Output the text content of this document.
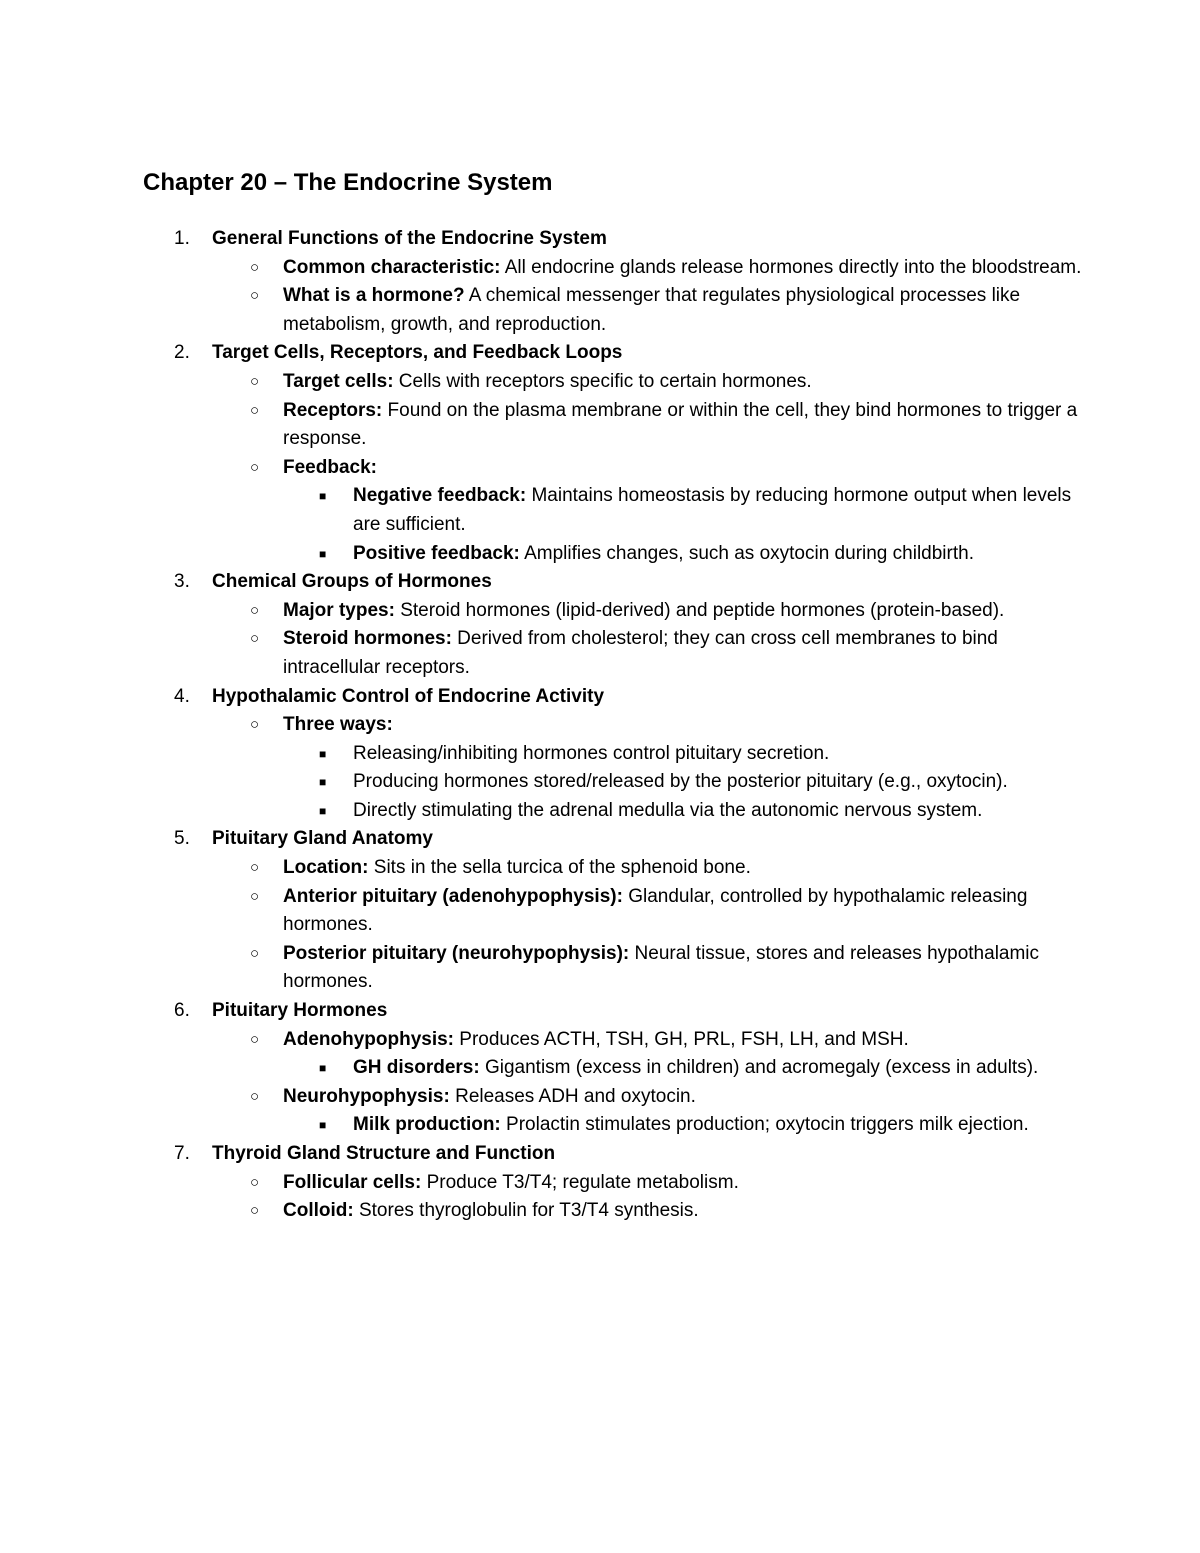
Chapter 20 – The Endocrine System
1. General Functions of the Endocrine System
○ Common characteristic: All endocrine glands release hormones directly into the bloodstream.
○ What is a hormone? A chemical messenger that regulates physiological processes like metabolism, growth, and reproduction.
2. Target Cells, Receptors, and Feedback Loops
○ Target cells: Cells with receptors specific to certain hormones.
○ Receptors: Found on the plasma membrane or within the cell, they bind hormones to trigger a response.
○ Feedback:
■ Negative feedback: Maintains homeostasis by reducing hormone output when levels are sufficient.
■ Positive feedback: Amplifies changes, such as oxytocin during childbirth.
3. Chemical Groups of Hormones
○ Major types: Steroid hormones (lipid-derived) and peptide hormones (protein-based).
○ Steroid hormones: Derived from cholesterol; they can cross cell membranes to bind intracellular receptors.
4. Hypothalamic Control of Endocrine Activity
○ Three ways:
■ Releasing/inhibiting hormones control pituitary secretion.
■ Producing hormones stored/released by the posterior pituitary (e.g., oxytocin).
■ Directly stimulating the adrenal medulla via the autonomic nervous system.
5. Pituitary Gland Anatomy
○ Location: Sits in the sella turcica of the sphenoid bone.
○ Anterior pituitary (adenohypophysis): Glandular, controlled by hypothalamic releasing hormones.
○ Posterior pituitary (neurohypophysis): Neural tissue, stores and releases hypothalamic hormones.
6. Pituitary Hormones
○ Adenohypophysis: Produces ACTH, TSH, GH, PRL, FSH, LH, and MSH.
■ GH disorders: Gigantism (excess in children) and acromegaly (excess in adults).
○ Neurohypophysis: Releases ADH and oxytocin.
■ Milk production: Prolactin stimulates production; oxytocin triggers milk ejection.
7. Thyroid Gland Structure and Function
○ Follicular cells: Produce T3/T4; regulate metabolism.
○ Colloid: Stores thyroglobulin for T3/T4 synthesis.
